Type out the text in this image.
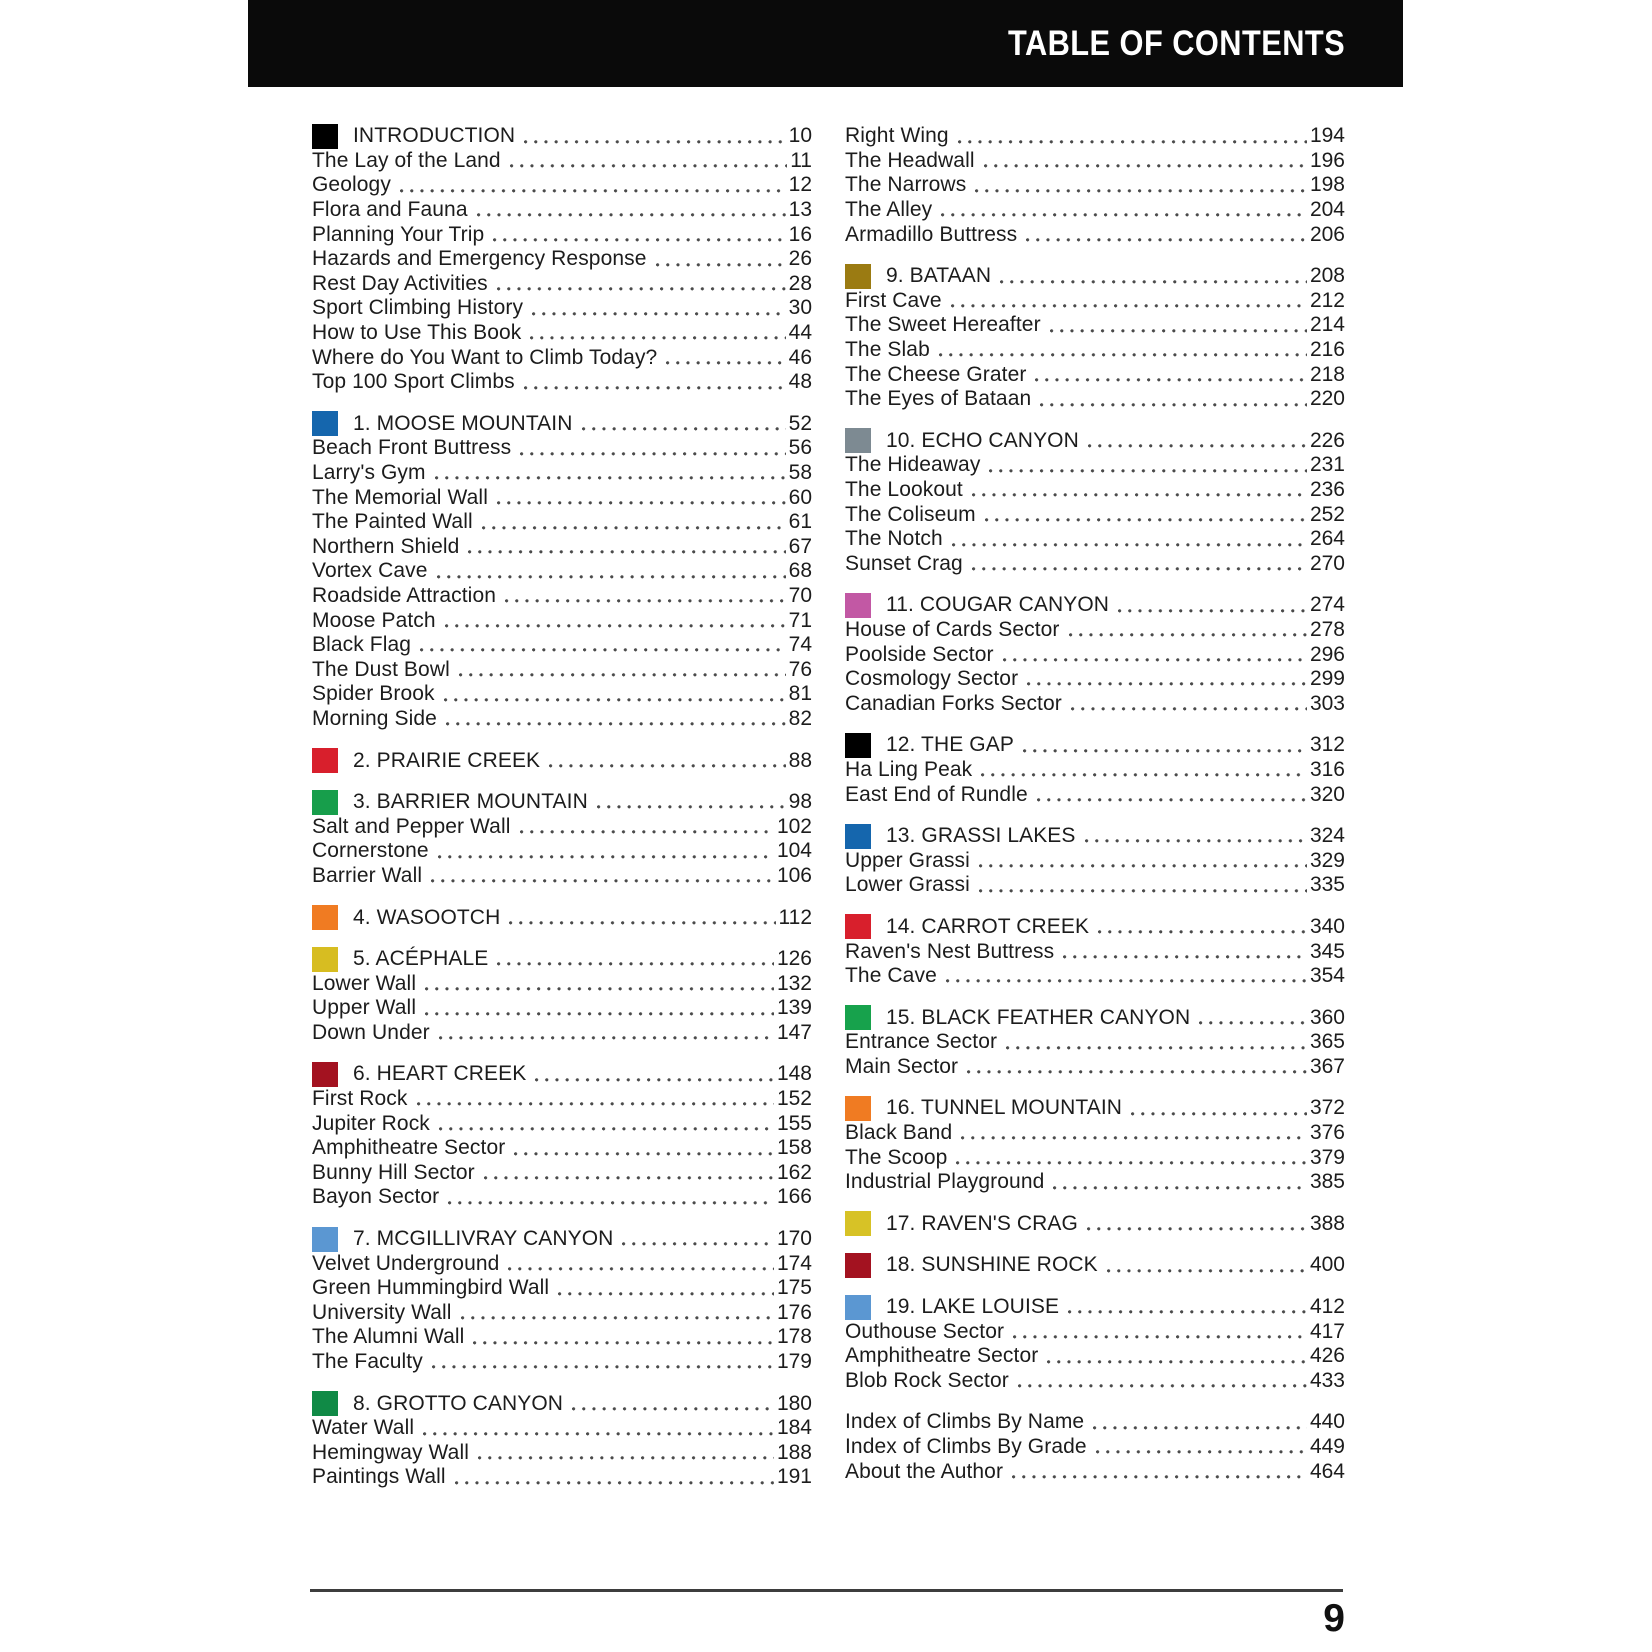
TABLE OF CONTENTS
INTRODUCTION	10
The Lay of the Land	11
Geology	12
Flora and Fauna	13
Planning Your Trip	16
Hazards and Emergency Response	26
Rest Day Activities	28
Sport Climbing History	30
How to Use This Book	44
Where do You Want to Climb Today?	46
Top 100 Sport Climbs	48
1. MOOSE MOUNTAIN	52
Beach Front Buttress	56
Larry's Gym	58
The Memorial Wall	60
The Painted Wall	61
Northern Shield	67
Vortex Cave	68
Roadside Attraction	70
Moose Patch	71
Black Flag	74
The Dust Bowl	76
Spider Brook	81
Morning Side	82
2. PRAIRIE CREEK	88
3. BARRIER MOUNTAIN	98
Salt and Pepper Wall	102
Cornerstone	104
Barrier Wall	106
4. WASOOTCH	112
5. ACÉPHALE	126
Lower Wall	132
Upper Wall	139
Down Under	147
6. HEART CREEK	148
First Rock	152
Jupiter Rock	155
Amphitheatre Sector	158
Bunny Hill Sector	162
Bayon Sector	166
7. MCGILLIVRAY CANYON	170
Velvet Underground	174
Green Hummingbird Wall	175
University Wall	176
The Alumni Wall	178
The Faculty	179
8. GROTTO CANYON	180
Water Wall	184
Hemingway Wall	188
Paintings Wall	191
Right Wing	194
The Headwall	196
The Narrows	198
The Alley	204
Armadillo Buttress	206
9. BATAAN	208
First Cave	212
The Sweet Hereafter	214
The Slab	216
The Cheese Grater	218
The Eyes of Bataan	220
10. ECHO CANYON	226
The Hideaway	231
The Lookout	236
The Coliseum	252
The Notch	264
Sunset Crag	270
11. COUGAR CANYON	274
House of Cards Sector	278
Poolside Sector	296
Cosmology Sector	299
Canadian Forks Sector	303
12. THE GAP	312
Ha Ling Peak	316
East End of Rundle	320
13. GRASSI LAKES	324
Upper Grassi	329
Lower Grassi	335
14. CARROT CREEK	340
Raven's Nest Buttress	345
The Cave	354
15. BLACK FEATHER CANYON	360
Entrance Sector	365
Main Sector	367
16. TUNNEL MOUNTAIN	372
Black Band	376
The Scoop	379
Industrial Playground	385
17. RAVEN'S CRAG	388
18. SUNSHINE ROCK	400
19. LAKE LOUISE	412
Outhouse Sector	417
Amphitheatre Sector	426
Blob Rock Sector	433
Index of Climbs By Name	440
Index of Climbs By Grade	449
About the Author	464
9
